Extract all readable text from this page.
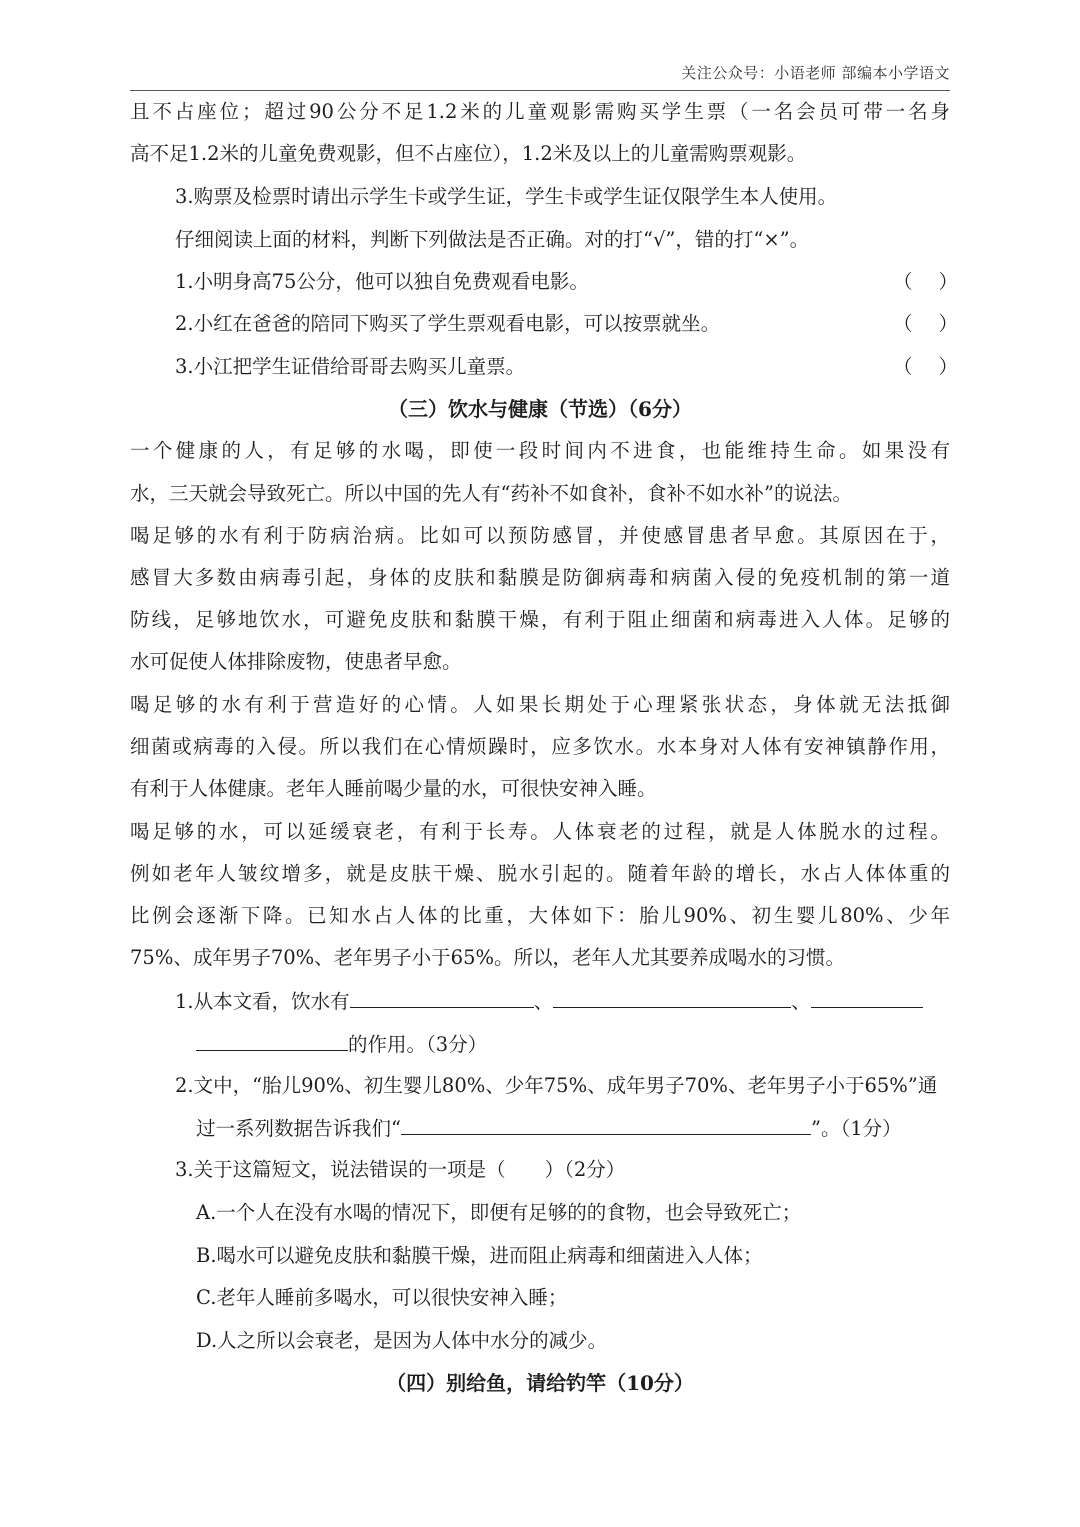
关注公众号：小语老师 部编本小学语文
且不占座位；超过90公分不足1.2米的儿童观影需购买学生票（一名会员可带一名身
高不足1.2米的儿童免费观影，但不占座位），1.2米及以上的儿童需购票观影。
3.购票及检票时请出示学生卡或学生证，学生卡或学生证仅限学生本人使用。
仔细阅读上面的材料，判断下列做法是否正确。对的打“√”，错的打“×”。
1.小明身高75公分，他可以独自免费观看电影。	（）
2.小红在爸爸的陪同下购买了学生票观看电影，可以按票就坐。	（）
3.小江把学生证借给哥哥去购买儿童票。	（）
（三）饮水与健康（节选）（6分）
一个健康的人，有足够的水喝，即使一段时间内不进食，也能维持生命。如果没有
水，三天就会导致死亡。所以中国的先人有“药补不如食补，食补不如水补”的说法。
喝足够的水有利于防病治病。比如可以预防感冒，并使感冒患者早愈。其原因在于，
感冒大多数由病毒引起，身体的皮肤和黏膜是防御病毒和病菌入侵的免疫机制的第一道
防线，足够地饮水，可避免皮肤和黏膜干燥，有利于阻止细菌和病毒进入人体。足够的
水可促使人体排除废物，使患者早愈。
喝足够的水有利于营造好的心情。人如果长期处于心理紧张状态，身体就无法抵御
细菌或病毒的入侵。所以我们在心情烦躁时，应多饮水。水本身对人体有安神镇静作用，
有利于人体健康。老年人睡前喝少量的水，可很快安神入睡。
喝足够的水，可以延缓衰老，有利于长寿。人体衰老的过程，就是人体脱水的过程。
例如老年人皱纹增多，就是皮肤干燥、脱水引起的。随着年龄的增长，水占人体体重的
比例会逐渐下降。已知水占人体的比重，大体如下：胎儿90%、初生婴儿80%、少年
75%、成年男子70%、老年男子小于65%。所以，老年人尤其要养成喝水的习惯。
1.从本文看，饮水有	、	、
的作用。（3分）
2.文中，“胎儿90%、初生婴儿80%、少年75%、成年男子70%、老年男子小于65%”通
过一系列数据告诉我们“	”。（1分）
3.关于这篇短文，说法错误的一项是（　　）（2分）
A.一个人在没有水喝的情况下，即便有足够的的食物，也会导致死亡；
B.喝水可以避免皮肤和黏膜干燥，进而阻止病毒和细菌进入人体；
C.老年人睡前多喝水，可以很快安神入睡；
D.人之所以会衰老，是因为人体中水分的减少。
（四）别给鱼，请给钓竿（10分）
